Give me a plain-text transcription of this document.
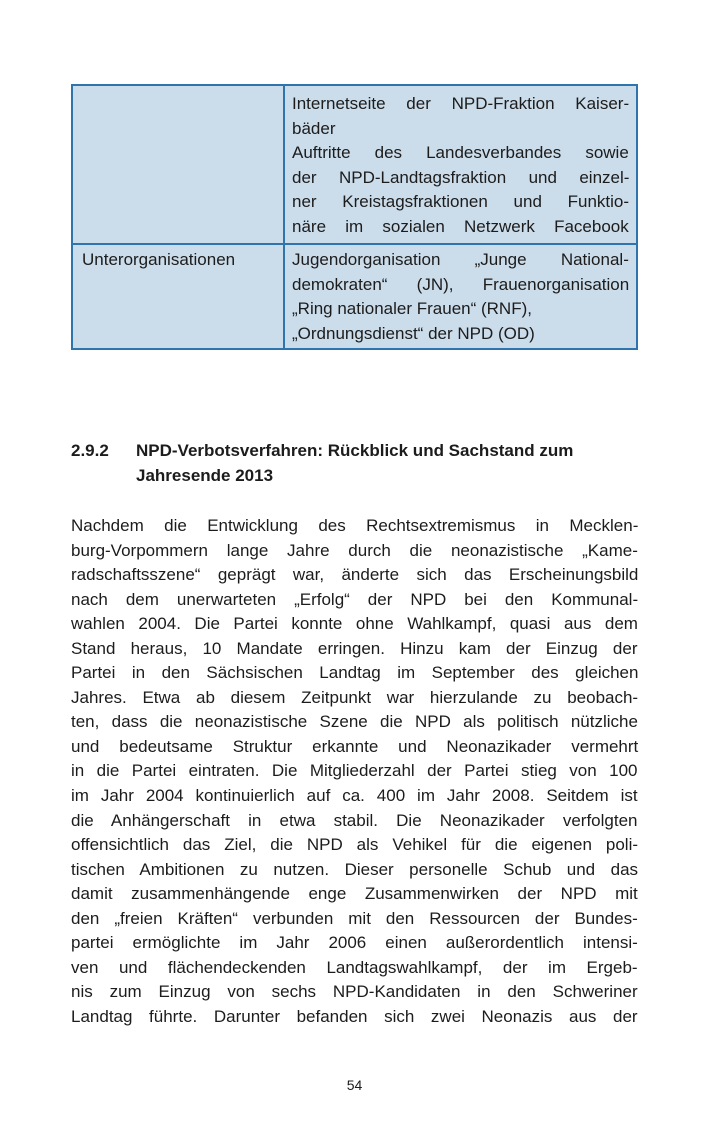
Internetseite der NPD-Fraktion Kaiser-
bäder
Auftritte des Landesverbandes sowie
der NPD-Landtagsfraktion und einzel-
ner Kreistagsfraktionen und Funktio-
näre im sozialen Netzwerk Facebook
Unterorganisationen	Jugendorganisation „Junge National-
demokraten“ (JN), Frauenorganisation
„Ring nationaler Frauen“ (RNF),
„Ordnungsdienst“ der NPD (OD)
2.9.2 NPD-Verbotsverfahren: Rückblick und Sachstand zum
Jahresende 2013
Nachdem die Entwicklung des Rechtsextremismus in Mecklen-
burg-Vorpommern lange Jahre durch die neonazistische „Kame-
radschaftsszene“ geprägt war, änderte sich das Erscheinungsbild
nach dem unerwarteten „Erfolg“ der NPD bei den Kommunal-
wahlen 2004. Die Partei konnte ohne Wahlkampf, quasi aus dem
Stand heraus, 10 Mandate erringen. Hinzu kam der Einzug der
Partei in den Sächsischen Landtag im September des gleichen
Jahres. Etwa ab diesem Zeitpunkt war hierzulande zu beobach-
ten, dass die neonazistische Szene die NPD als politisch nützliche
und bedeutsame Struktur erkannte und Neonazikader vermehrt
in die Partei eintraten. Die Mitgliederzahl der Partei stieg von 100
im Jahr 2004 kontinuierlich auf ca. 400 im Jahr 2008. Seitdem ist
die Anhängerschaft in etwa stabil. Die Neonazikader verfolgten
offensichtlich das Ziel, die NPD als Vehikel für die eigenen poli-
tischen Ambitionen zu nutzen. Dieser personelle Schub und das
damit zusammenhängende enge Zusammenwirken der NPD mit
den „freien Kräften“ verbunden mit den Ressourcen der Bundes-
partei ermöglichte im Jahr 2006 einen außerordentlich intensi-
ven und flächendeckenden Landtagswahlkampf, der im Ergeb-
nis zum Einzug von sechs NPD-Kandidaten in den Schweriner
Landtag führte. Darunter befanden sich zwei Neonazis aus der
54
